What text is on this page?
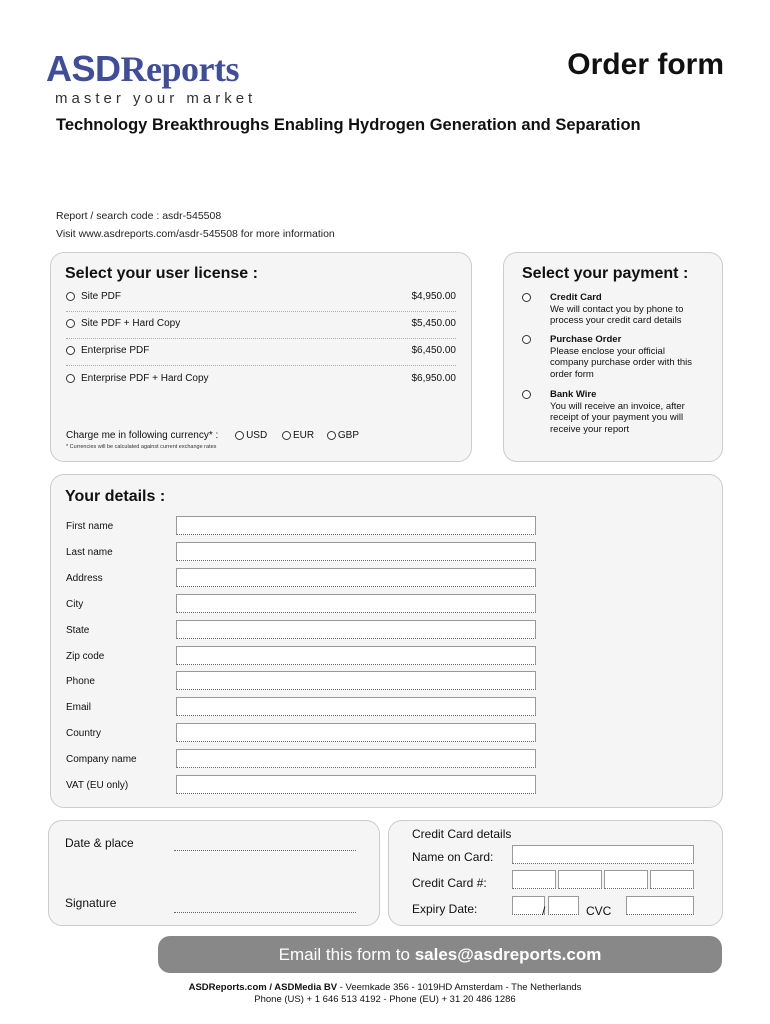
ASDReports
master your market
Order form
Technology Breakthroughs Enabling Hydrogen Generation and Separation
Report / search code : asdr-545508
Visit www.asdreports.com/asdr-545508 for more information
Select your user license :
Site PDF	$4,950.00
Site PDF + Hard Copy	$5,450.00
Enterprise PDF	$6,450.00
Enterprise PDF + Hard Copy	$6,950.00
Charge me in following currency* :	USD	EUR GBP
* Currencies will be calculated against current exchange rates
Select your payment :
Credit Card
We will contact you by phone to process your credit card details
Purchase Order
Please enclose your official company purchase order with this order form
Bank Wire
You will receive an invoice, after receipt of your payment you will receive your report
Your details :
First name
Last name
Address
City
State
Zip code
Phone
Email
Country
Company name
VAT (EU only)
Date & place
Signature
Credit Card details
Name on Card:
Credit Card #:
Expiry Date:	/	CVC
Email this form to sales@asdreports.com
ASDReports.com / ASDMedia BV - Veemkade 356 - 1019HD Amsterdam - The Netherlands
Phone (US) + 1 646 513 4192 - Phone (EU) + 31 20 486 1286
